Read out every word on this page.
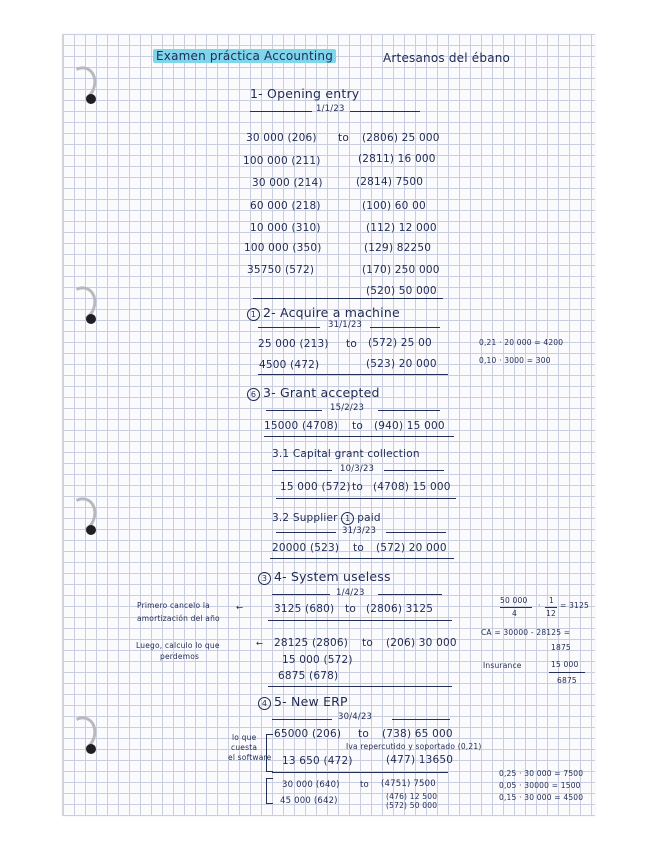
Examen práctica Accounting	Artesanos del ébano
1- Opening entry
1/1/23
30 000 (206) to (2806) 25 000
100 000 (211)	(2811) 16 000
30 000 (214)	(2814) 7500
60 000 (218)	(100) 60 00
10 000 (310)	(112) 12 000
100 000 (350)	(129) 82250
35750 (572)	(170) 250 000
(520) 50 000
1 2- Acquire a machine
31/1/23
25 000 (213) to (572) 25 00
4500 (472)	(523) 20 000
0,21 · 20 000 = 4200
0,10 · 3000 = 300
6 3- Grant accepted
15/2/23
15000 (4708) to (940) 15 000
3.1 Capital grant collection
10/3/23
15 000 (572) to (4708) 15 000
3.2 Supplier 1 paid
31/3/23
20000 (523) to (572) 20 000
3 4- System useless
1/4/23
Primero cancelo la
amortización del año
←	3125 (680) to (2806) 3125
Luego, calculo lo que
perdemos
← 28125 (2806) to (206) 30 000
15 000 (572)
6875 (678)
50 000
4
·
1
12
= 3125
CA = 30000 - 28125 =
1875
Insurance	15 000
6875
4 5- New ERP
30/4/23
lo que
cuesta
el software
65000 (206) to (738) 65 000
Iva repercutido y soportado (0,21)
13 650 (472)	(477) 13650
30 000 (640) to (4751) 7500
45 000 (642)	(476) 12 500
(572) 50 000
0,25 · 30 000 = 7500
0,05 · 30000 = 1500
0,15 · 30 000 = 4500
